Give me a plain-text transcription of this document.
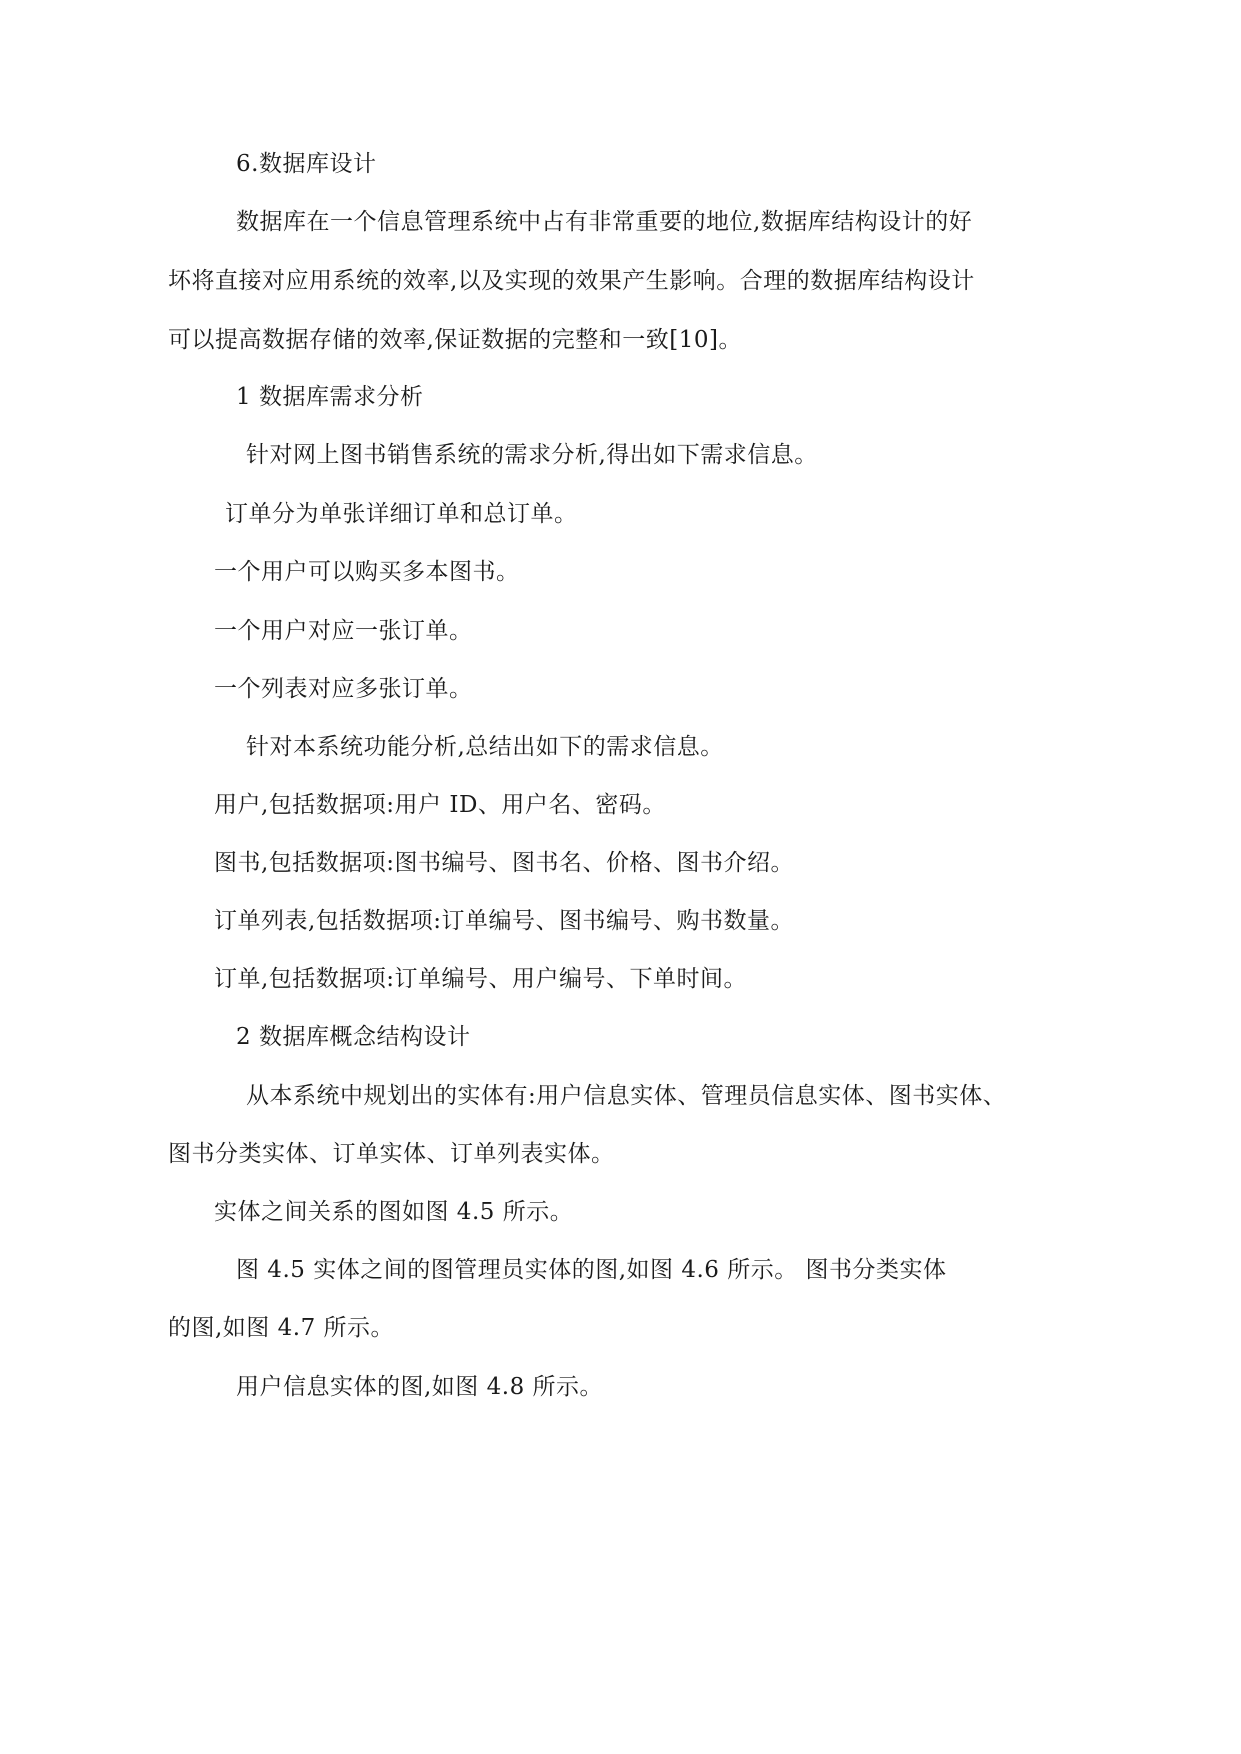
6.数据库设计
数据库在一个信息管理系统中占有非常重要的地位,数据库结构设计的好
坏将直接对应用系统的效率,以及实现的效果产生影响。合理的数据库结构设计
可以提高数据存储的效率,保证数据的完整和一致[10]。
1 数据库需求分析
针对网上图书销售系统的需求分析,得出如下需求信息。
订单分为单张详细订单和总订单。
一个用户可以购买多本图书。
一个用户对应一张订单。
一个列表对应多张订单。
针对本系统功能分析,总结出如下的需求信息。
用户,包括数据项:用户 ID、用户名、密码。
图书,包括数据项:图书编号、图书名、价格、图书介绍。
订单列表,包括数据项:订单编号、图书编号、购书数量。
订单,包括数据项:订单编号、用户编号、下单时间。
2 数据库概念结构设计
从本系统中规划出的实体有:用户信息实体、管理员信息实体、图书实体、
图书分类实体、订单实体、订单列表实体。
实体之间关系的图如图 4.5 所示。
图 4.5 实体之间的图管理员实体的图,如图 4.6 所示。 图书分类实体
的图,如图 4.7 所示。
用户信息实体的图,如图 4.8 所示。
